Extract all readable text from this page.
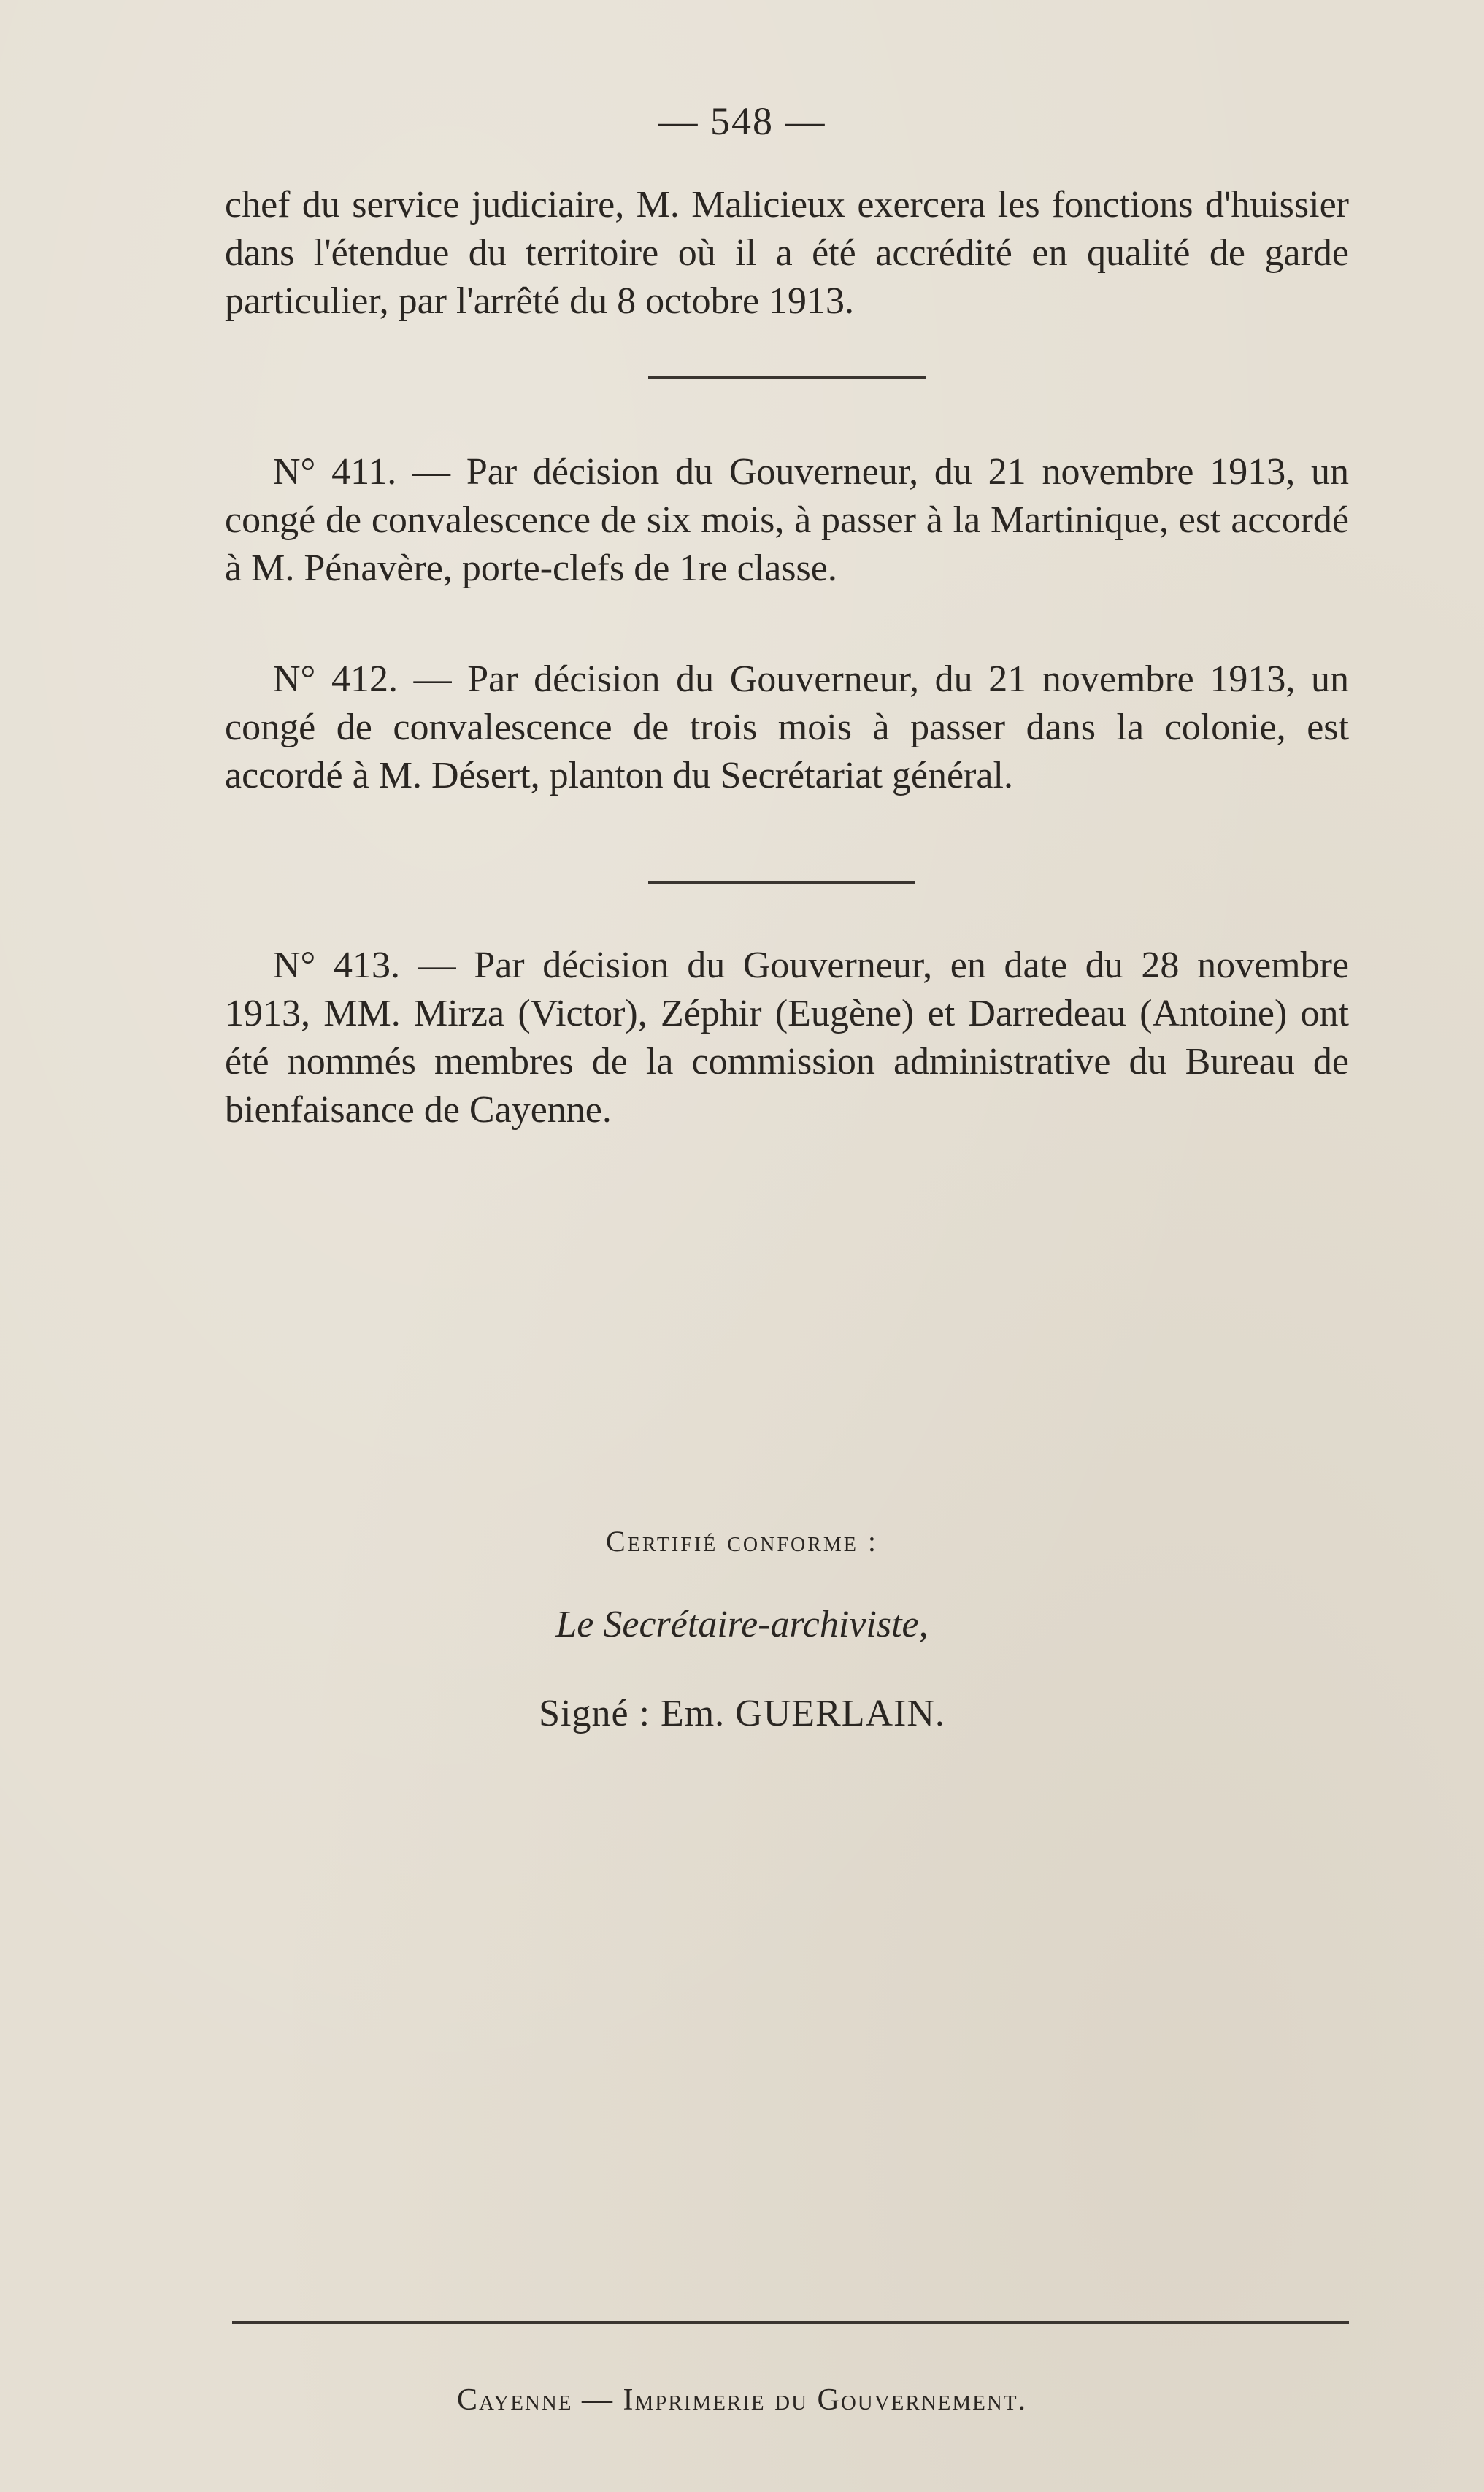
— 548 —

chef du service judiciaire, M. Malicieux exercera les fonctions d'huissier dans l'étendue du territoire où il a été accrédité en qualité de garde particulier, par l'arrêté du 8 octobre 1913.

N° 411. — Par décision du Gouverneur, du 21 novembre 1913, un congé de convalescence de six mois, à passer à la Martinique, est accordé à M. Pénavère, porte-clefs de 1re classe.

N° 412. — Par décision du Gouverneur, du 21 novembre 1913, un congé de convalescence de trois mois à passer dans la colonie, est accordé à M. Désert, planton du Secrétariat général.

N° 413. — Par décision du Gouverneur, en date du 28 novembre 1913, MM. Mirza (Victor), Zéphir (Eugène) et Darredeau (Antoine) ont été nommés membres de la commission administrative du Bureau de bienfaisance de Cayenne.

Certifié conforme :
Le Secrétaire-archiviste,
Signé : Em. GUERLAIN.
Cayenne — Imprimerie du Gouvernement.
